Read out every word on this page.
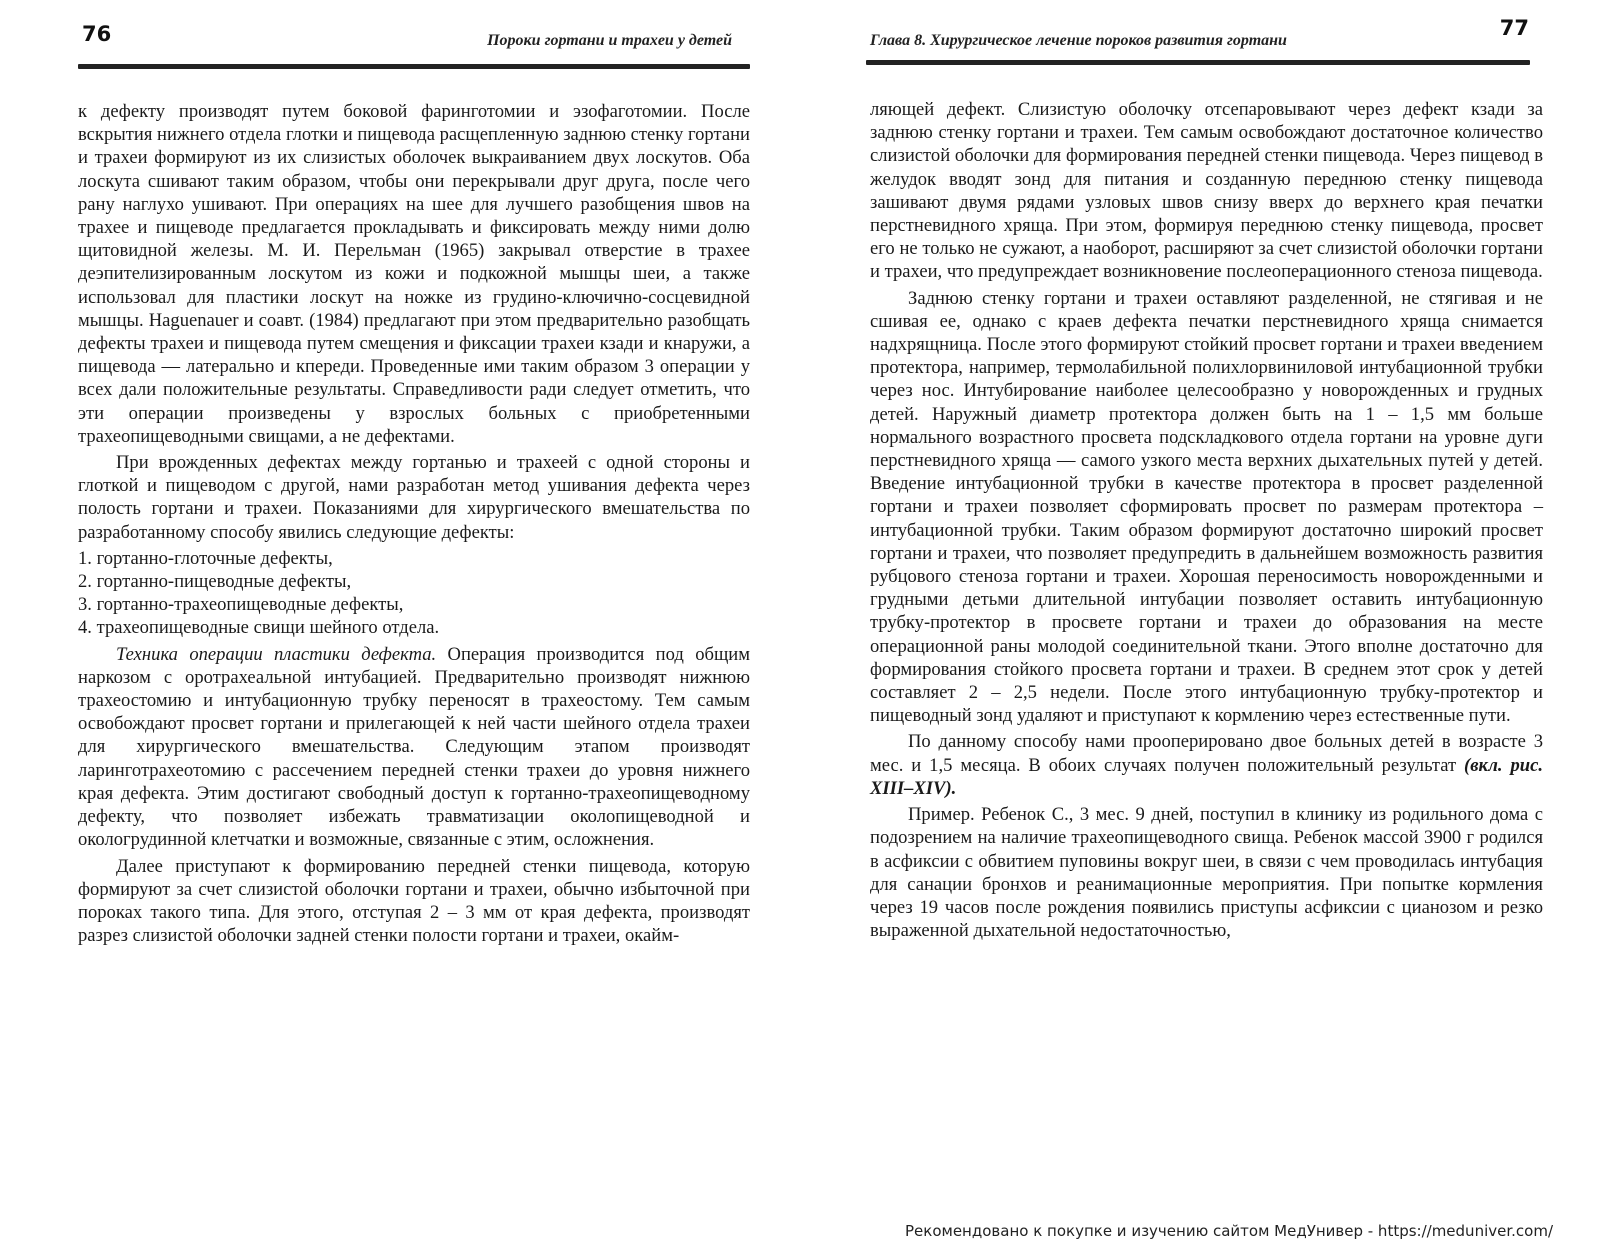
76	Пороки гортани и трахеи у детей

к дефекту производят путем боковой фаринготомии и эзофаготомии. После вскрытия нижнего отдела глотки и пищевода расщепленную заднюю стенку гортани и трахеи формируют из их слизистых оболочек выкраиванием двух лоскутов. Оба лоскута сшивают таким образом, чтобы они перекрывали друг друга, после чего рану наглухо ушивают. При операциях на шее для лучшего разобщения швов на трахее и пищеводе предлагается прокладывать и фиксировать между ними долю щитовидной железы. М. И. Перельман (1965) закрывал отверстие в трахее деэпителизированным лоскутом из кожи и подкожной мышцы шеи, а также использовал для пластики лоскут на ножке из грудино-ключично-сосцевидной мышцы. Haguenauer и соавт. (1984) предлагают при этом предварительно разобщать дефекты трахеи и пищевода путем смещения и фиксации трахеи кзади и кнаружи, а пищевода — латерально и кпереди. Проведенные ими таким образом 3 операции у всех дали положительные результаты. Справедливости ради следует отметить, что эти операции произведены у взрослых больных с приобретенными трахеопищеводными свищами, а не дефектами.

При врожденных дефектах между гортанью и трахеей с одной стороны и глоткой и пищеводом с другой, нами разработан метод ушивания дефекта через полость гортани и трахеи. Показаниями для хирургического вмешательства по разработанному способу явились следующие дефекты:

1. гортанно-глоточные дефекты,
2. гортанно-пищеводные дефекты,
3. гортанно-трахеопищеводные дефекты,
4. трахеопищеводные свищи шейного отдела.

Техника операции пластики дефекта. Операция производится под общим наркозом с оротрахеальной интубацией. Предварительно производят нижнюю трахеостомию и интубационную трубку переносят в трахеостому. Тем самым освобождают просвет гортани и прилегающей к ней части шейного отдела трахеи для хирургического вмешательства. Следующим этапом производят ларинготрахеотомию с рассечением передней стенки трахеи до уровня нижнего края дефекта. Этим достигают свободный доступ к гортанно-трахеопищеводному дефекту, что позволяет избежать травматизации околопищеводной и окологрудинной клетчатки и возможные, связанные с этим, осложнения.

Далее приступают к формированию передней стенки пищевода, которую формируют за счет слизистой оболочки гортани и трахеи, обычно избыточной при пороках такого типа. Для этого, отступая 2 – 3 мм от края дефекта, производят разрез слизистой оболочки задней стенки полости гортани и трахеи, окайм-

Глава 8. Хирургическое лечение пороков развития гортани
77

ляющей дефект. Слизистую оболочку отсепаровывают через дефект кзади за заднюю стенку гортани и трахеи. Тем самым освобождают достаточное количество слизистой оболочки для формирования передней стенки пищевода. Через пищевод в желудок вводят зонд для питания и созданную переднюю стенку пищевода зашивают двумя рядами узловых швов снизу вверх до верхнего края печатки перстневидного хряща. При этом, формируя переднюю стенку пищевода, просвет его не только не сужают, а наоборот, расширяют за счет слизистой оболочки гортани и трахеи, что предупреждает возникновение послеоперационного стеноза пищевода.

Заднюю стенку гортани и трахеи оставляют разделенной, не стягивая и не сшивая ее, однако с краев дефекта печатки перстневидного хряща снимается надхрящница. После этого формируют стойкий просвет гортани и трахеи введением протектора, например, термолабильной полихлорвиниловой интубационной трубки через нос. Интубирование наиболее целесообразно у новорожденных и грудных детей. Наружный диаметр протектора должен быть на 1 – 1,5 мм больше нормального возрастного просвета подскладкового отдела гортани на уровне дуги перстневидного хряща — самого узкого места верхних дыхательных путей у детей. Введение интубационной трубки в качестве протектора в просвет разделенной гортани и трахеи позволяет сформировать просвет по размерам протектора – интубационной трубки. Таким образом формируют достаточно широкий просвет гортани и трахеи, что позволяет предупредить в дальнейшем возможность развития рубцового стеноза гортани и трахеи. Хорошая переносимость новорожденными и грудными детьми длительной интубации позволяет оставить интубационную трубку-протектор в просвете гортани и трахеи до образования на месте операционной раны молодой соединительной ткани. Этого вполне достаточно для формирования стойкого просвета гортани и трахеи. В среднем этот срок у детей составляет 2 – 2,5 недели. После этого интубационную трубку-протектор и пищеводный зонд удаляют и приступают к кормлению через естественные пути.

По данному способу нами прооперировано двое больных детей в возрасте 3 мес. и 1,5 месяца. В обоих случаях получен положительный результат (вкл. рис. XIII–XIV).

Пример. Ребенок С., 3 мес. 9 дней, поступил в клинику из родильного дома с подозрением на наличие трахеопищеводного свища. Ребенок массой 3900 г родился в асфиксии с обвитием пуповины вокруг шеи, в связи с чем проводилась интубация для санации бронхов и реанимационные мероприятия. При попытке кормления через 19 часов после рождения появились приступы асфиксии с цианозом и резко выраженной дыхательной недостаточностью,

Рекомендовано к покупке и изучению сайтом МедУнивер - https://meduniver.com/
